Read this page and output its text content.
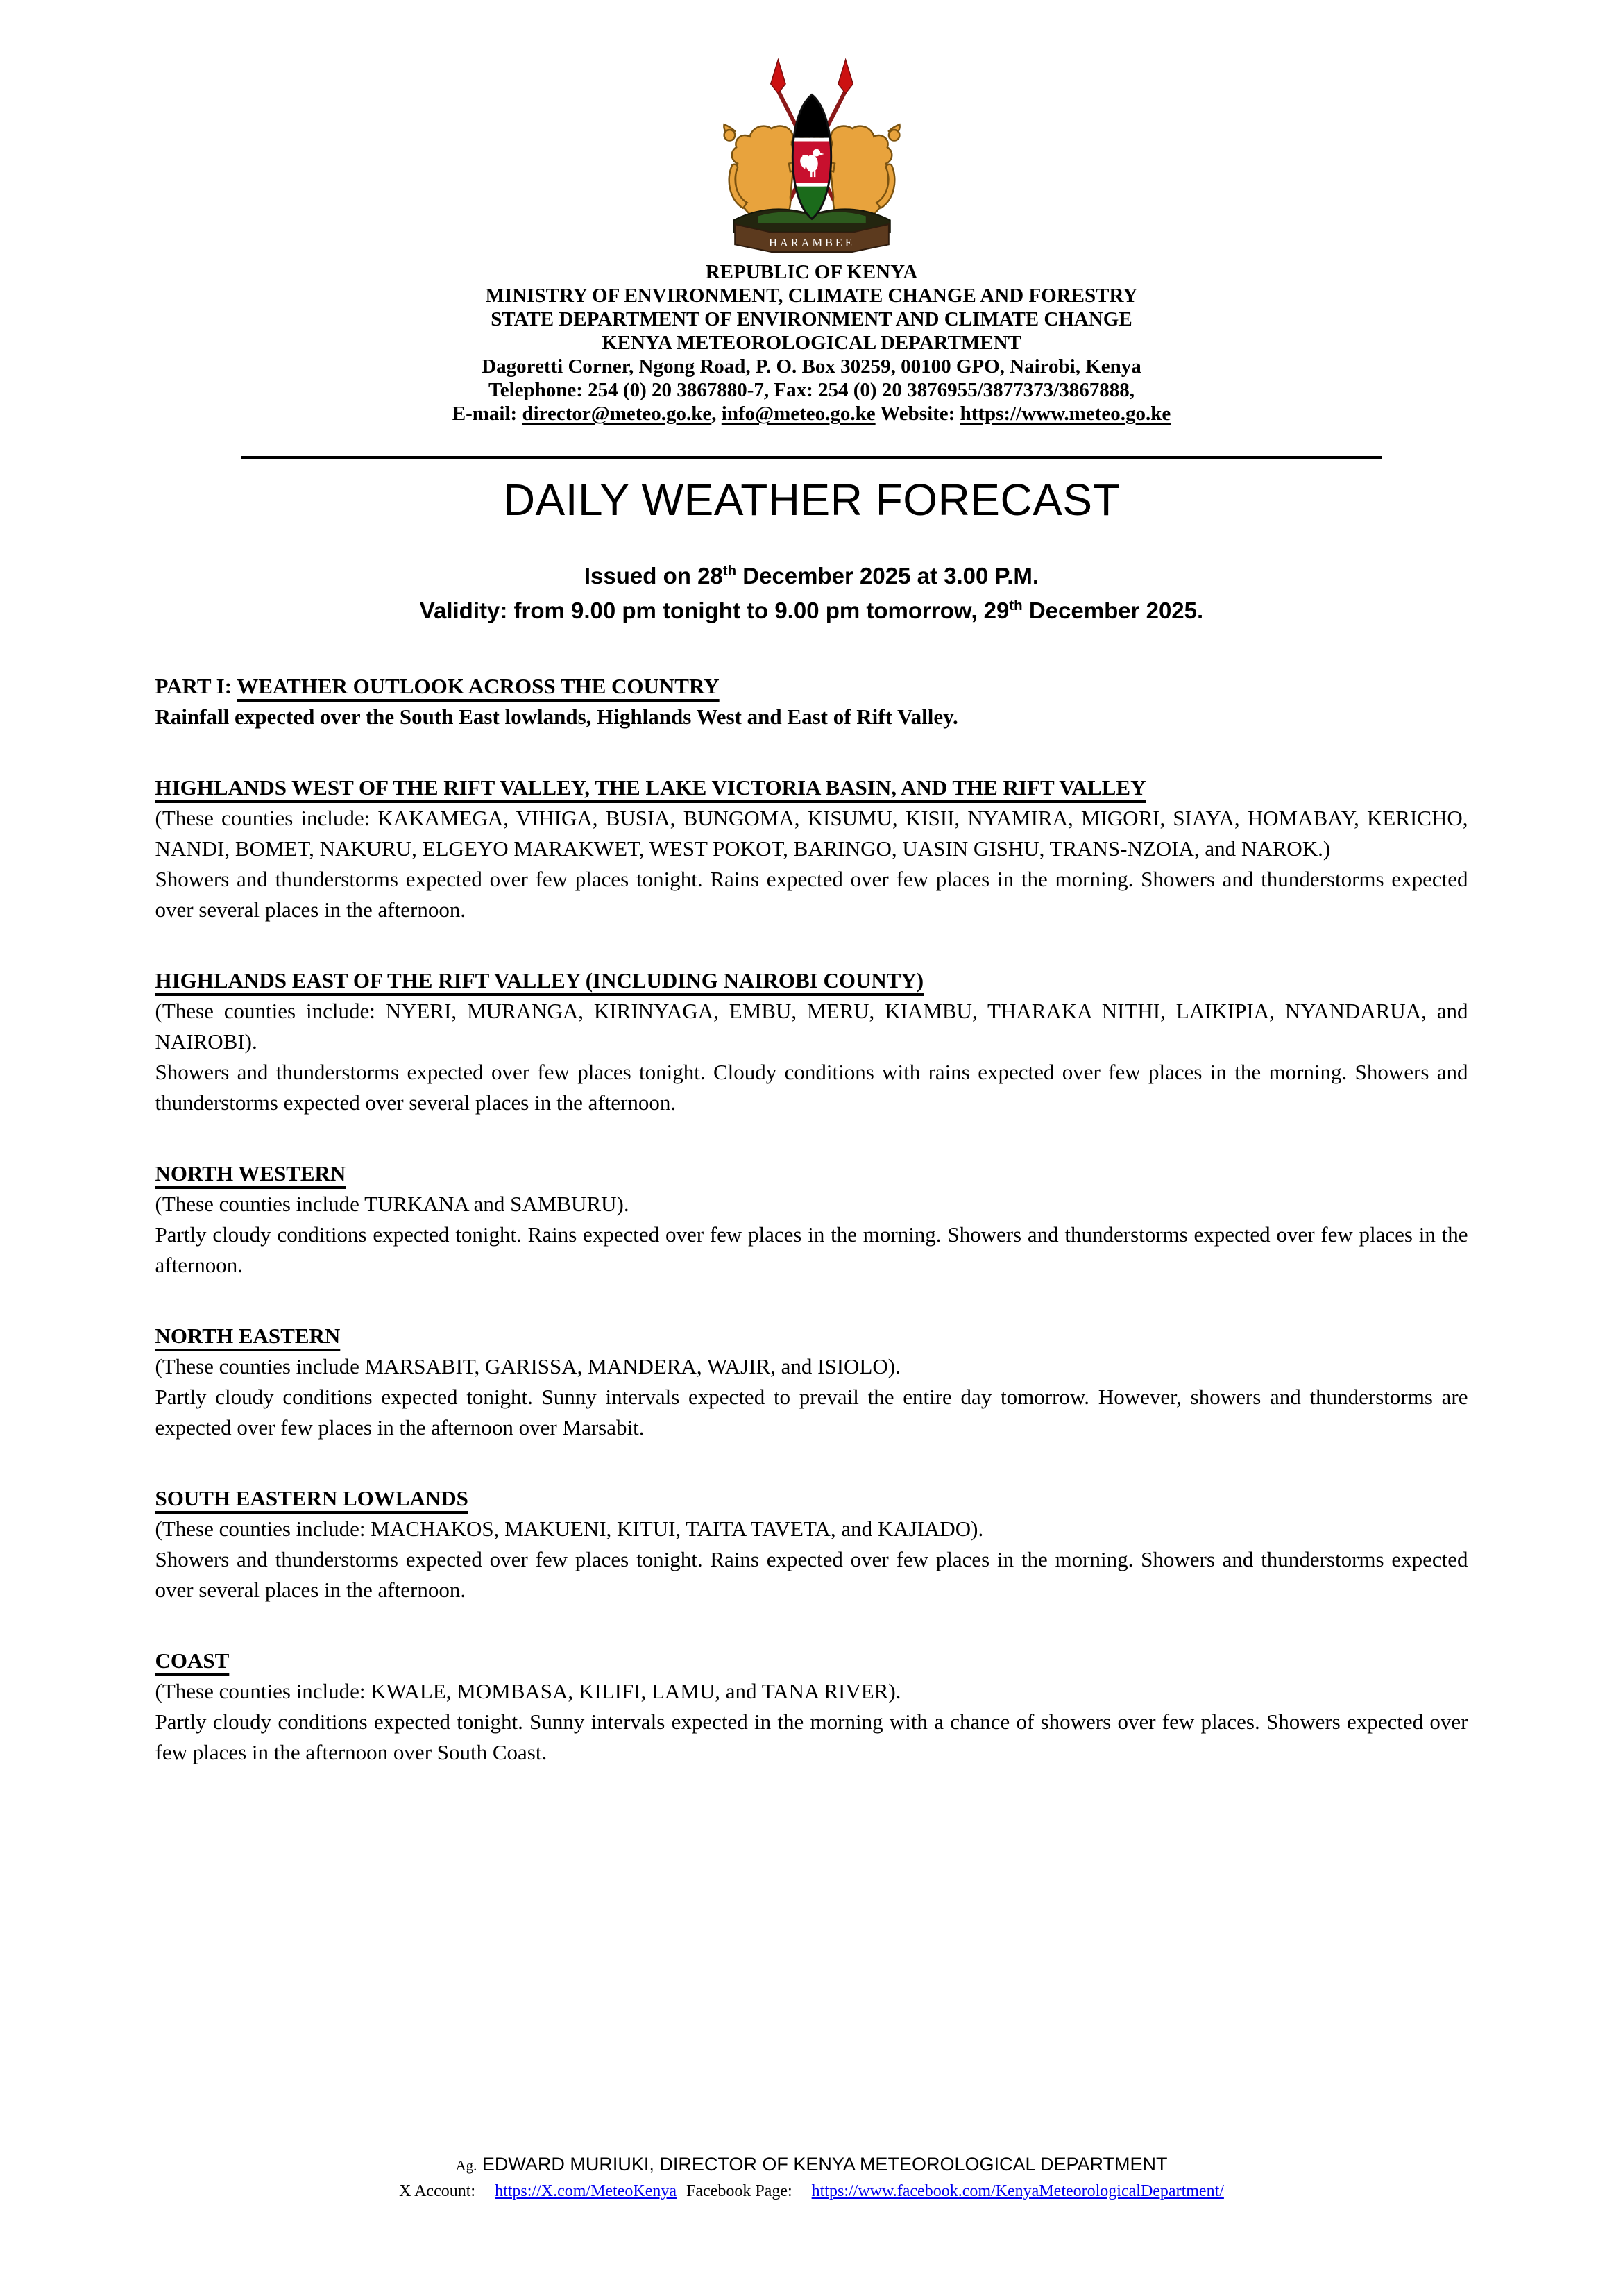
HARAMBEE
REPUBLIC OF KENYA
MINISTRY OF ENVIRONMENT, CLIMATE CHANGE AND FORESTRY
STATE DEPARTMENT OF ENVIRONMENT AND CLIMATE CHANGE
KENYA METEOROLOGICAL DEPARTMENT
Dagoretti Corner, Ngong Road, P. O. Box 30259, 00100 GPO, Nairobi, Kenya
Telephone: 254 (0) 20 3867880-7, Fax: 254 (0) 20 3876955/3877373/3867888,
E-mail: director@meteo.go.ke, info@meteo.go.ke Website: https://www.meteo.go.ke
DAILY WEATHER FORECAST
Issued on 28th December 2025 at 3.00 P.M.
Validity: from 9.00 pm tonight to 9.00 pm tomorrow, 29th December 2025.
PART I: WEATHER OUTLOOK ACROSS THE COUNTRY
Rainfall expected over the South East lowlands, Highlands West and East of Rift Valley.
HIGHLANDS WEST OF THE RIFT VALLEY, THE LAKE VICTORIA BASIN, AND THE RIFT VALLEY
(These counties include: KAKAMEGA, VIHIGA, BUSIA, BUNGOMA, KISUMU, KISII, NYAMIRA, MIGORI, SIAYA, HOMABAY, KERICHO, NANDI, BOMET, NAKURU, ELGEYO MARAKWET, WEST POKOT, BARINGO, UASIN GISHU, TRANS-NZOIA, and NAROK.)
Showers and thunderstorms expected over few places tonight. Rains expected over few places in the morning. Showers and thunderstorms expected over several places in the afternoon.
HIGHLANDS EAST OF THE RIFT VALLEY (INCLUDING NAIROBI COUNTY)
(These counties include: NYERI, MURANGA, KIRINYAGA, EMBU, MERU, KIAMBU, THARAKA NITHI, LAIKIPIA, NYANDARUA, and NAIROBI).
Showers and thunderstorms expected over few places tonight. Cloudy conditions with rains expected over few places in the morning. Showers and thunderstorms expected over several places in the afternoon.
NORTH WESTERN
(These counties include TURKANA and SAMBURU).
Partly cloudy conditions expected tonight. Rains expected over few places in the morning. Showers and thunderstorms expected over few places in the afternoon.
NORTH EASTERN
(These counties include MARSABIT, GARISSA, MANDERA, WAJIR, and ISIOLO).
Partly cloudy conditions expected tonight. Sunny intervals expected to prevail the entire day tomorrow. However, showers and thunderstorms are expected over few places in the afternoon over Marsabit.
SOUTH EASTERN LOWLANDS
(These counties include: MACHAKOS, MAKUENI, KITUI, TAITA TAVETA, and KAJIADO).
Showers and thunderstorms expected over few places tonight. Rains expected over few places in the morning. Showers and thunderstorms expected over several places in the afternoon.
COAST
(These counties include: KWALE, MOMBASA, KILIFI, LAMU, and TANA RIVER).
Partly cloudy conditions expected tonight. Sunny intervals expected in the morning with a chance of showers over few places. Showers expected over few places in the afternoon over South Coast.
Ag. EDWARD MURIUKI, DIRECTOR OF KENYA METEOROLOGICAL DEPARTMENT
X Account: https://X.com/MeteoKenya Facebook Page: https://www.facebook.com/KenyaMeteorologicalDepartment/
